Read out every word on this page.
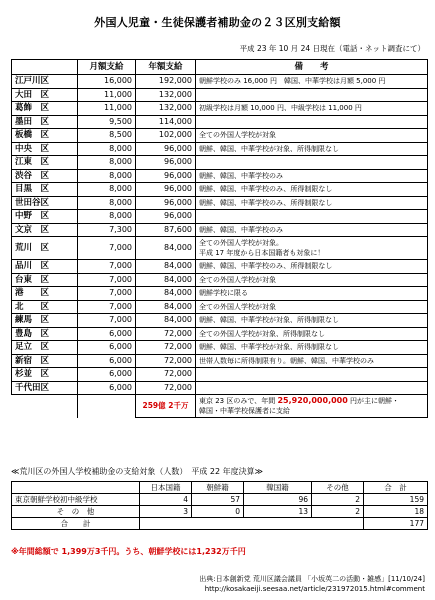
外国人児童・生徒保護者補助金の２３区別支給額
平成 23 年 10 月 24 日現在（電話・ネット調査にて）
	月額支給	年額支給	備　　考
江戸川区	16,000	192,000	朝鮮学校のみ 16,000 円　韓国、中華学校は月額 5,000 円
大田　区	11,000	132,000	
葛飾　区	11,000	132,000	初級学校は月額 10,000 円、中級学校は 11,000 円
墨田　区	9,500	114,000	
板橋　区	8,500	102,000	全ての外国人学校が対象
中央　区	8,000	96,000	朝鮮、韓国、中華学校が対象、所得制限なし
江東　区	8,000	96,000	
渋谷　区	8,000	96,000	朝鮮、韓国、中華学校のみ
目黒　区	8,000	96,000	朝鮮、韓国、中華学校のみ、所得制限なし
世田谷区	8,000	96,000	朝鮮、韓国、中華学校のみ、所得制限なし
中野　区	8,000	96,000	
文京　区	7,300	87,600	朝鮮、韓国、中華学校のみ
荒川　区	7,000	84,000	全ての外国人学校が対象。
平成 17 年度から日本国籍者も対象に！

品川　区	7,000	84,000	朝鮮、韓国、中華学校のみ、所得制限なし
台東　区	7,000	84,000	全ての外国人学校が対象
港　　区	7,000	84,000	朝鮮学校に限る
北　　区	7,000	84,000	全ての外国人学校が対象
練馬　区	7,000	84,000	朝鮮、韓国、中華学校が対象、所得制限なし
豊島　区	6,000	72,000	全ての外国人学校が対象、所得制限なし
足立　区	6,000	72,000	朝鮮、韓国、中華学校が対象、所得制限なし
新宿　区	6,000	72,000	世帯人数毎に所得制限有り。朝鮮、韓国、中華学校のみ
杉並　区	6,000	72,000	
千代田区	6,000	72,000	
		259億 2千万	東京 23 区のみで、年間 25,920,000,000 円が主に朝鮮・
韓国・中華学校保護者に支給
≪荒川区の外国人学校補助金の支給対象（人数）　平成 22 年度決算≫
	日本国籍	朝鮮籍	韓国籍	その他	合　計
東京朝鮮学校初中級学校	4	57	96	2	159
そ　の　他	3	0	13	2	18
合　　計					177
※年間総額で 1,399万3千円。うち、朝鮮学校には1,232万千円
出典:日本創新党 荒川区議会議員 「小坂英二の活動・雑感」[11/10/24]
http://kosakaeiji.seesaa.net/article/231972015.html#comment
